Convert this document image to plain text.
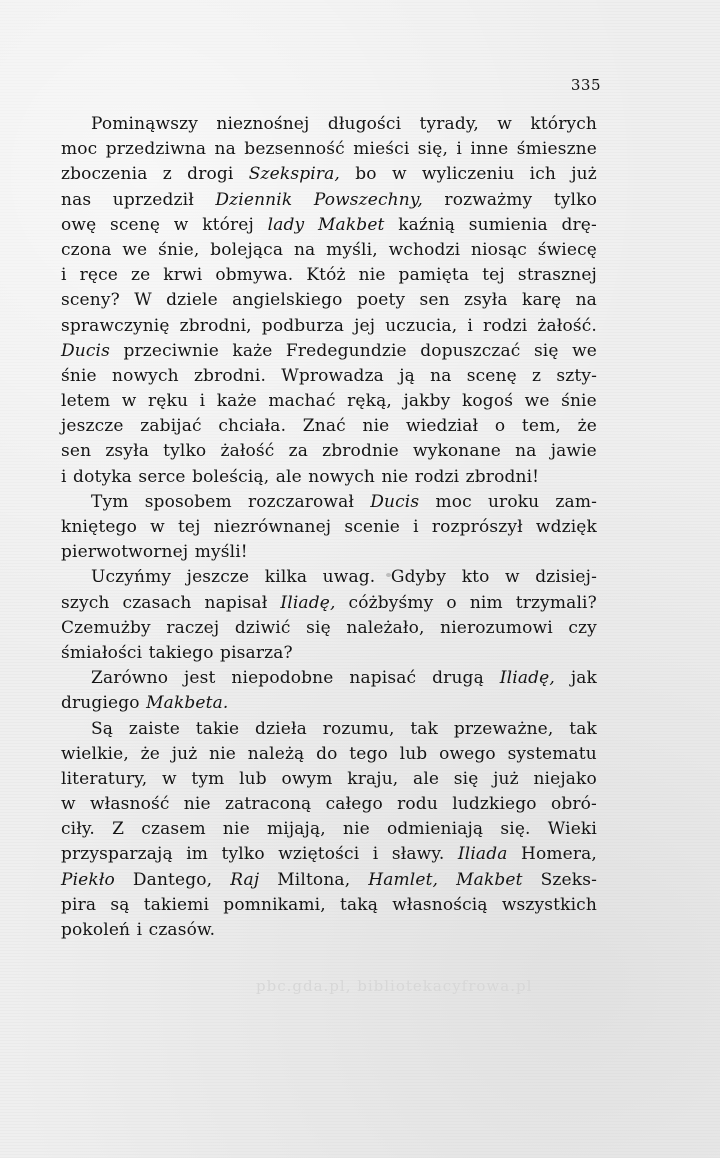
335
Pominąwszy nieznośnej długości tyrady, w których
moc przedziwna na bezsenność mieści się, i inne śmieszne
zboczenia z drogi Szekspira, bo w wyliczeniu ich już
nas uprzedził Dziennik Powszechny, rozważmy tylko
owę scenę w której lady Makbet kaźnią sumienia drę-
czona we śnie, bolejąca na myśli, wchodzi niosąc świecę
i ręce ze krwi obmywa. Któż nie pamięta tej strasznej
sceny? W dziele angielskiego poety sen zsyła karę na
sprawczynię zbrodni, podburza jej uczucia, i rodzi żałość.
Ducis przeciwnie każe Fredegundzie dopuszczać się we
śnie nowych zbrodni. Wprowadza ją na scenę z szty-
letem w ręku i każe machać ręką, jakby kogoś we śnie
jeszcze zabijać chciała. Znać nie wiedział o tem, że
sen zsyła tylko żałość za zbrodnie wykonane na jawie
i dotyka serce boleścią, ale nowych nie rodzi zbrodni!
Tym sposobem rozczarował Ducis moc uroku zam-
kniętego w tej niezrównanej scenie i rozprószył wdzięk
pierwotwornej myśli!
Uczyńmy jeszcze kilka uwag. Gdyby kto w dzisiej-
szych czasach napisał Iliadę, cóżbyśmy o nim trzymali?
Czemużby raczej dziwić się należało, nierozumowi czy
śmiałości takiego pisarza?
Zarówno jest niepodobne napisać drugą Iliadę, jak
drugiego Makbeta.
Są zaiste takie dzieła rozumu, tak przeważne, tak
wielkie, że już nie należą do tego lub owego systematu
literatury, w tym lub owym kraju, ale się już niejako
w własność nie zatraconą całego rodu ludzkiego obró-
ciły. Z czasem nie mijają, nie odmieniają się. Wieki
przysparzają im tylko wziętości i sławy. Iliada Homera,
Piekło Dantego, Raj Miltona, Hamlet, Makbet Szeks-
pira są takiemi pomnikami, taką własnością wszystkich
pokoleń i czasów.
pbc.gda.pl, bibliotekacyfrowa.pl
